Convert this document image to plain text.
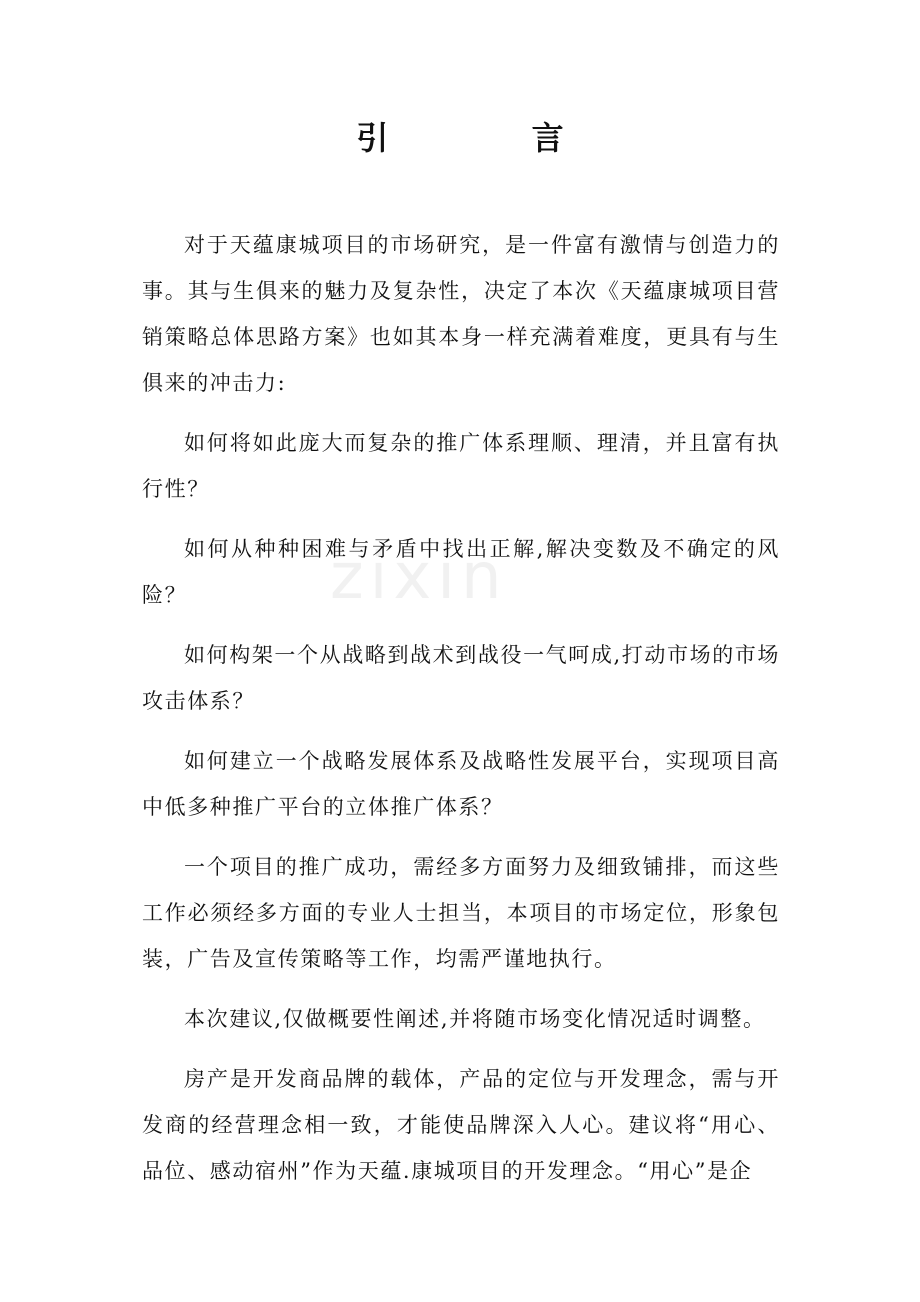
zixin
引 言

对于天蕴康城项目的市场研究，是一件富有激情与创造力的事。其与生俱来的魅力及复杂性，决定了本次《天蕴康城项目营销策略总体思路方案》也如其本身一样充满着难度，更具有与生俱来的冲击力:

如何将如此庞大而复杂的推广体系理顺、理清，并且富有执行性？

如何从种种困难与矛盾中找出正解,解决变数及不确定的风险？

如何构架一个从战略到战术到战役一气呵成,打动市场的市场攻击体系？

如何建立一个战略发展体系及战略性发展平台，实现项目高中低多种推广平台的立体推广体系？

一个项目的推广成功，需经多方面努力及细致铺排，而这些工作必须经多方面的专业人士担当，本项目的市场定位，形象包装，广告及宣传策略等工作，均需严谨地执行。

本次建议,仅做概要性阐述,并将随市场变化情况适时调整。

房产是开发商品牌的载体，产品的定位与开发理念，需与开发商的经营理念相一致，才能使品牌深入人心。建议将“用心、品位、感动宿州”作为天蕴.康城项目的开发理念。“用心”是企
